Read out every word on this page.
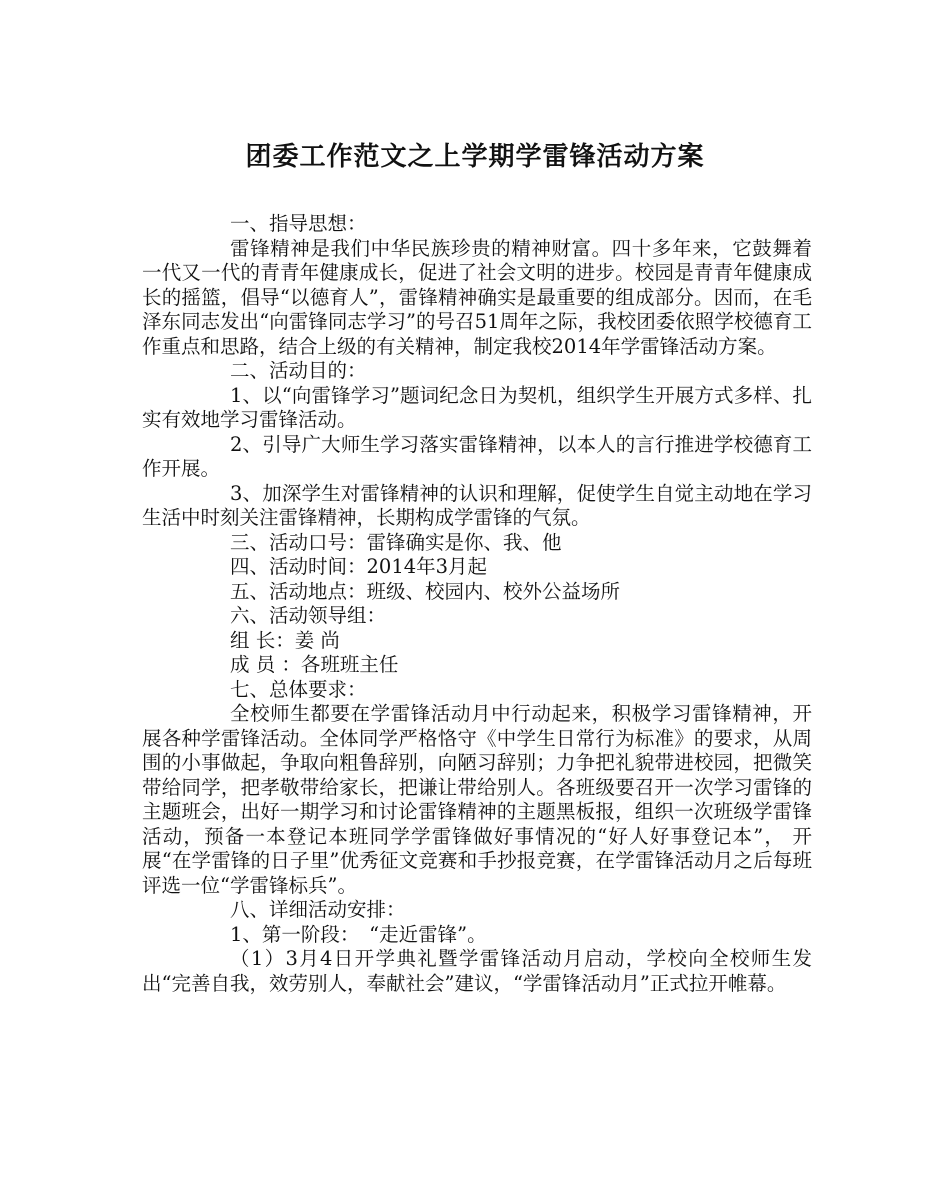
团委工作范文之上学期学雷锋活动方案

一、指导思想：

雷锋精神是我们中华民族珍贵的精神财富。四十多年来，它鼓舞着一代又一代的青青年健康成长，促进了社会文明的进步。校园是青青年健康成长的摇篮，倡导“以德育人”，雷锋精神确实是最重要的组成部分。因而，在毛泽东同志发出“向雷锋同志学习”的号召51周年之际，我校团委依照学校德育工作重点和思路，结合上级的有关精神，制定我校2014年学雷锋活动方案。

二、活动目的：

1、以“向雷锋学习”题词纪念日为契机，组织学生开展方式多样、扎实有效地学习雷锋活动。

2、引导广大师生学习落实雷锋精神，以本人的言行推进学校德育工作开展。

3、加深学生对雷锋精神的认识和理解，促使学生自觉主动地在学习生活中时刻关注雷锋精神，长期构成学雷锋的气氛。

三、活动口号：雷锋确实是你、我、他

四、活动时间：2014年3月起

五、活动地点：班级、校园内、校外公益场所

六、活动领导组：

组 长：姜 尚

成 员 ：各班班主任

七、总体要求：

全校师生都要在学雷锋活动月中行动起来，积极学习雷锋精神，开展各种学雷锋活动。全体同学严格恪守《中学生日常行为标准》的要求，从周围的小事做起，争取向粗鲁辞别，向陋习辞别；力争把礼貌带进校园，把微笑带给同学，把孝敬带给家长，把谦让带给别人。各班级要召开一次学习雷锋的主题班会，出好一期学习和讨论雷锋精神的主题黑板报，组织一次班级学雷锋活动，预备一本登记本班同学学雷锋做好事情况的“好人好事登记本”， 开展“在学雷锋的日子里”优秀征文竞赛和手抄报竞赛，在学雷锋活动月之后每班评选一位“学雷锋标兵”。

八、详细活动安排：

1、第一阶段：　“走近雷锋”。

（1）3月4日开学典礼暨学雷锋活动月启动，学校向全校师生发出“完善自我，效劳别人，奉献社会”建议，“学雷锋活动月”正式拉开帷幕。
